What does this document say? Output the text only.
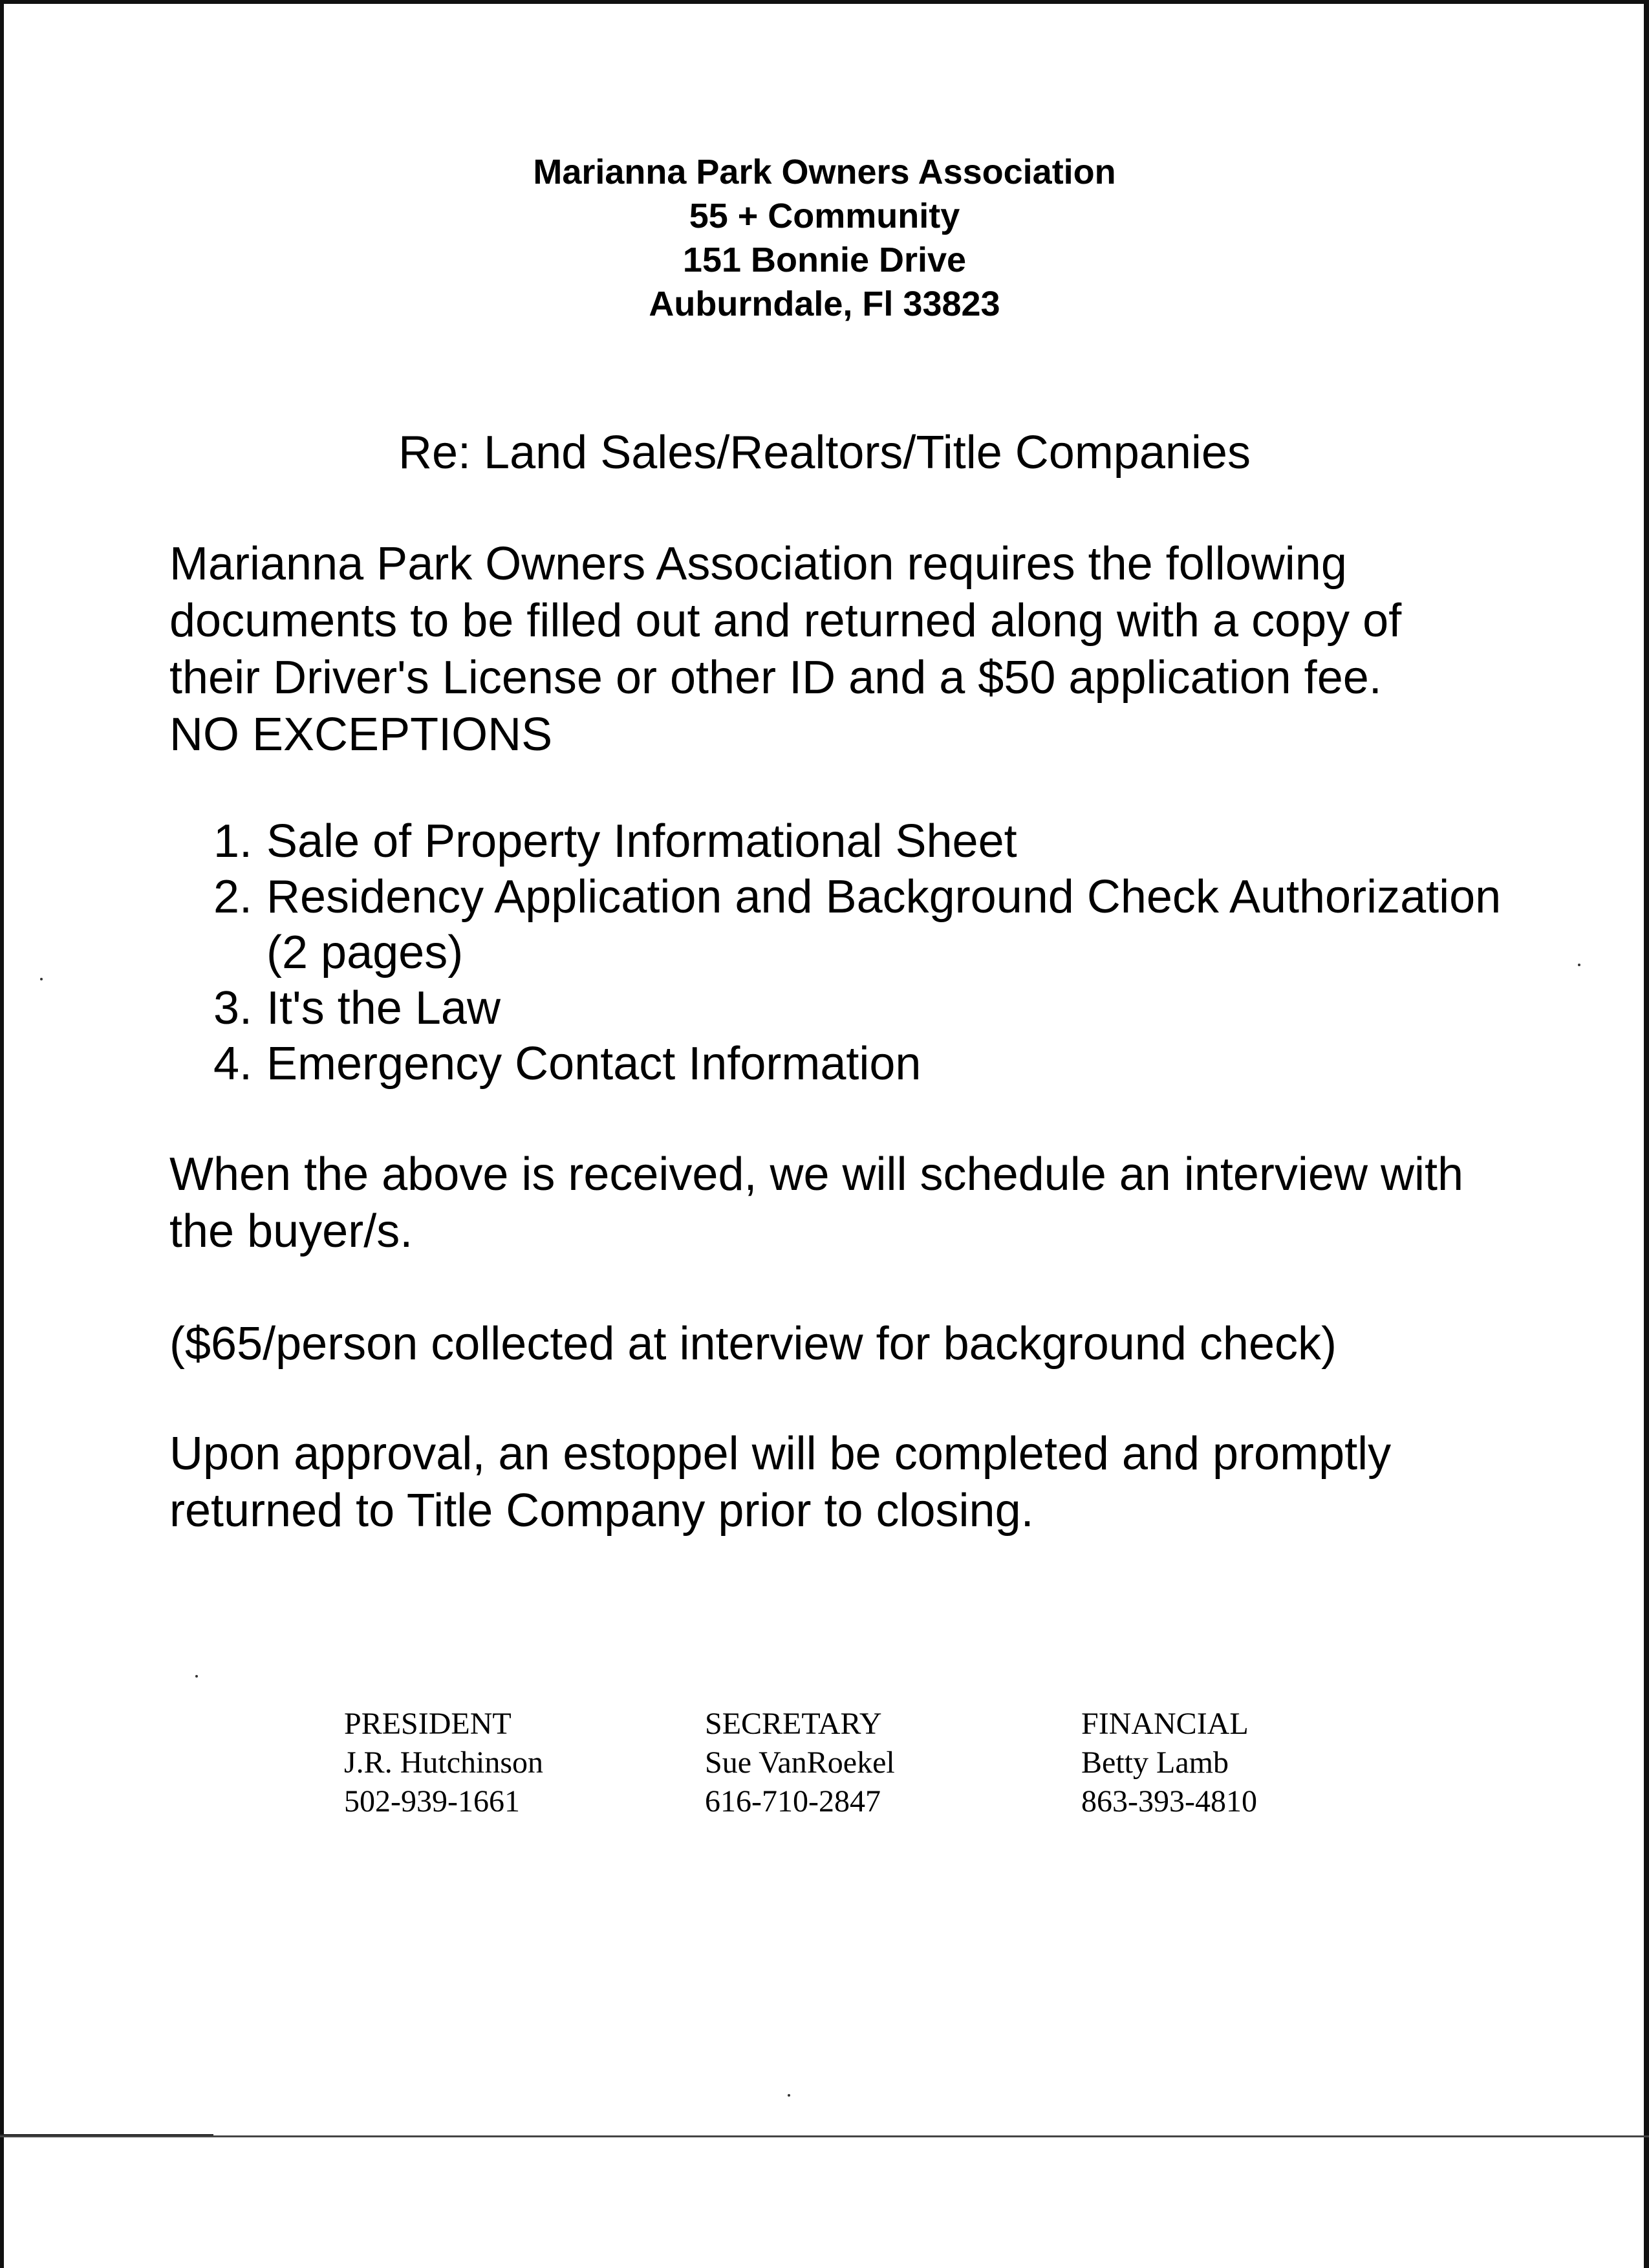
Marianna Park Owners Association
55 + Community
151 Bonnie Drive
Auburndale, Fl 33823
Re: Land Sales/Realtors/Title Companies
Marianna Park Owners Association requires the following documents to be filled out and returned along with a copy of their Driver's License or other ID and a $50 application fee.
NO EXCEPTIONS
1. Sale of Property Informational Sheet
2. Residency Application and Background Check Authorization (2 pages)
3. It's the Law
4. Emergency Contact Information
When the above is received, we will schedule an interview with the buyer/s.
($65/person collected at interview for background check)
Upon approval, an estoppel will be completed and promptly returned to Title Company prior to closing.
PRESIDENT
J.R. Hutchinson
502-939-1661
SECRETARY
Sue VanRoekel
616-710-2847
FINANCIAL
Betty Lamb
863-393-4810
